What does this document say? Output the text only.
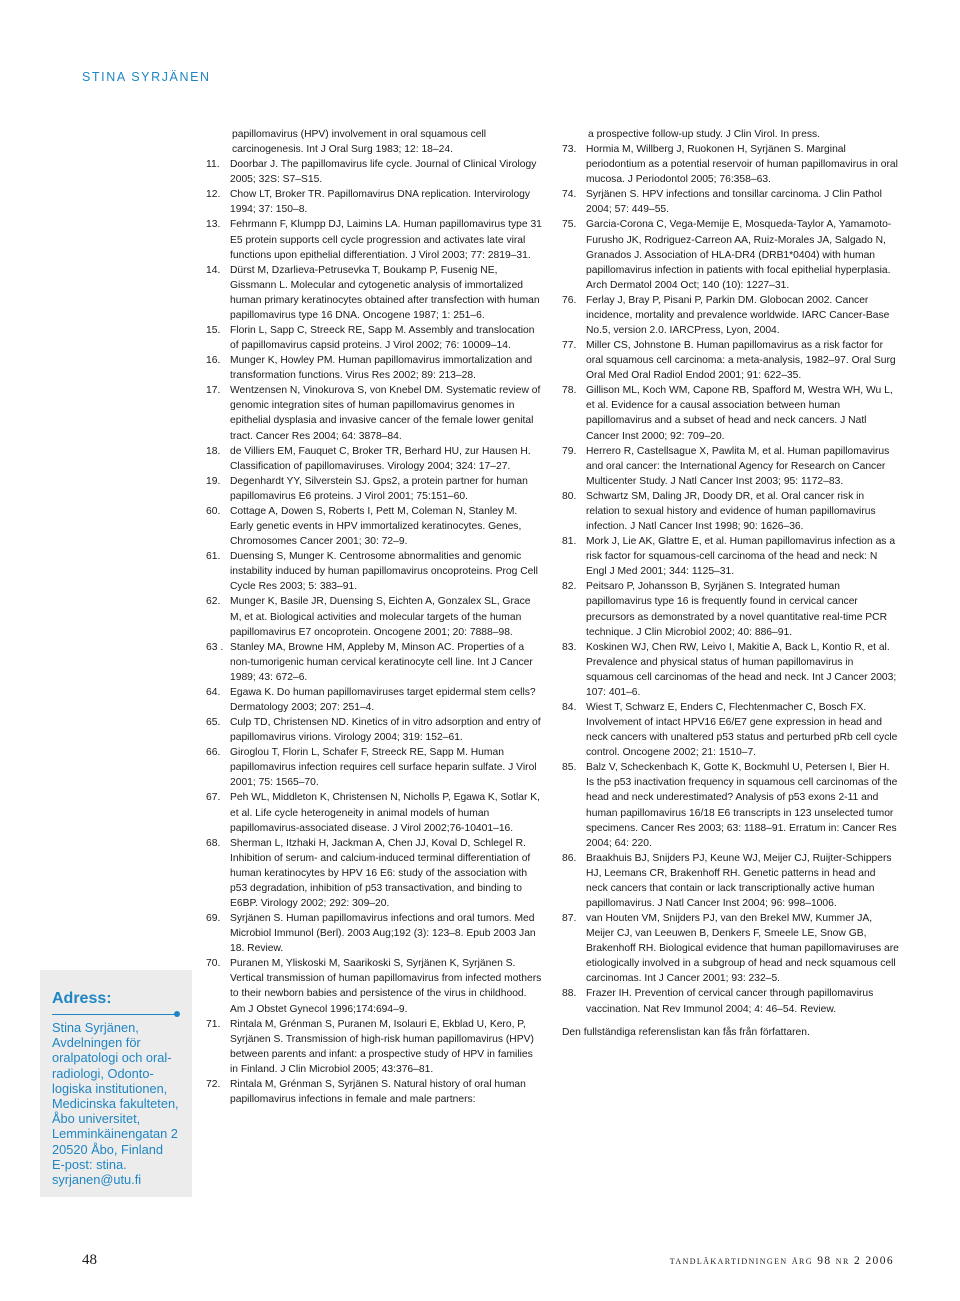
STINA SYRJÄNEN
Adress:
Stina Syrjänen,
Avdelningen för
oralpatologi och oral-
radiologi, Odonto-
logiska institutionen,
Medicinska fakulteten,
Åbo universitet,
Lemminkäinengatan 2
20520 Åbo, Finland
E-post: stina.
syrjanen@utu.fi
papillomavirus (HPV) involvement in oral squamous cell carcinogenesis. Int J Oral Surg 1983; 12: 18–24.
11. Doorbar J. The papillomavirus life cycle. Journal of Clinical Virology 2005; 32S: S7–S15.
12. Chow LT, Broker TR. Papillomavirus DNA replication. Intervirology 1994; 37: 150–8.
13. Fehrmann F, Klumpp DJ, Laimins LA. Human papillomavirus type 31 E5 protein supports cell cycle progression and activates late viral functions upon epithelial differentiation. J Virol 2003; 77: 2819–31.
14. Dürst M, Dzarlieva-Petrusevka T, Boukamp P, Fusenig NE, Gissmann L. Molecular and cytogenetic analysis of immortalized human primary keratinocytes obtained after transfection with human papillomavirus type 16 DNA. Oncogene 1987; 1: 251–6.
15. Florin L, Sapp C, Streeck RE, Sapp M. Assembly and translocation of papillomavirus capsid proteins. J Virol 2002; 76: 10009–14.
16. Munger K, Howley PM. Human papillomavirus immortalization and transformation functions. Virus Res 2002; 89: 213–28.
17. Wentzensen N, Vinokurova S, von Knebel DM. Systematic review of genomic integration sites of human papillomavirus genomes in epithelial dysplasia and invasive cancer of the female lower genital tract. Cancer Res 2004; 64: 3878–84.
18. de Villiers EM, Fauquet C, Broker TR, Berhard HU, zur Hausen H. Classification of papillomaviruses. Virology 2004; 324: 17–27.
19. Degenhardt YY, Silverstein SJ. Gps2, a protein partner for human papillomavirus E6 proteins. J Virol 2001; 75:151–60.
60. Cottage A, Dowen S, Roberts I, Pett M, Coleman N, Stanley M. Early genetic events in HPV immortalized keratinocytes. Genes, Chromosomes Cancer 2001; 30: 72–9.
61. Duensing S, Munger K. Centrosome abnormalities and genomic instability induced by human papillomavirus oncoproteins. Prog Cell Cycle Res 2003; 5: 383–91.
62. Munger K, Basile JR, Duensing S, Eichten A, Gonzalex SL, Grace M, et at. Biological activities and molecular targets of the human papillomavirus E7 oncoprotein. Oncogene 2001; 20: 7888–98.
63 . Stanley MA, Browne HM, Appleby M, Minson AC. Properties of a non-tumorigenic human cervical keratinocyte cell line. Int J Cancer 1989; 43: 672–6.
64. Egawa K. Do human papillomaviruses target epidermal stem cells? Dermatology 2003; 207: 251–4.
65. Culp TD, Christensen ND. Kinetics of in vitro adsorption and entry of papillomavirus virions. Virology 2004; 319: 152–61.
66. Giroglou T, Florin L, Schafer F, Streeck RE, Sapp M. Human papillomavirus infection requires cell surface heparin sulfate. J Virol 2001; 75: 1565–70.
67. Peh WL, Middleton K, Christensen N, Nicholls P, Egawa K, Sotlar K, et al. Life cycle heterogeneity in animal models of human papillomavirus-associated disease. J Virol 2002;76-10401–16.
68. Sherman L, Itzhaki H, Jackman A, Chen JJ, Koval D, Schlegel R. Inhibition of serum- and calcium-induced terminal differentiation of human keratinocytes by HPV 16 E6: study of the association with p53 degradation, inhibition of p53 transactivation, and binding to E6BP. Virology 2002; 292: 309–20.
69. Syrjänen S. Human papillomavirus infections and oral tumors. Med Microbiol Immunol (Berl). 2003 Aug;192 (3): 123–8. Epub 2003 Jan 18. Review.
70. Puranen M, Yliskoski M, Saarikoski S, Syrjänen K, Syrjänen S. Vertical transmission of human papillomavirus from infected mothers to their newborn babies and persistence of the virus in childhood. Am J Obstet Gynecol 1996;174:694–9.
71. Rintala M, Grénman S, Puranen M, Isolauri E, Ekblad U, Kero, P, Syrjänen S. Transmission of high-risk human papillomavirus (HPV) between parents and infant: a prospective study of HPV in families in Finland. J Clin Microbiol 2005; 43:376–81.
72. Rintala M, Grénman S, Syrjänen S. Natural history of oral human papillomavirus infections in female and male partners:
a prospective follow-up study. J Clin Virol. In press.
73. Hormia M, Willberg J, Ruokonen H, Syrjänen S. Marginal periodontium as a potential reservoir of human papillomavirus in oral mucosa. J Periodontol 2005; 76:358–63.
74. Syrjänen S. HPV infections and tonsillar carcinoma. J Clin Pathol 2004; 57: 449–55.
75. Garcia-Corona C, Vega-Memije E, Mosqueda-Taylor A, Yamamoto-Furusho JK, Rodriguez-Carreon AA, Ruiz-Morales JA, Salgado N, Granados J. Association of HLA-DR4 (DRB1*0404) with human papillomavirus infection in patients with focal epithelial hyperplasia. Arch Dermatol 2004 Oct; 140 (10): 1227–31.
76. Ferlay J, Bray P, Pisani P, Parkin DM. Globocan 2002. Cancer incidence, mortality and prevalence worldwide. IARC Cancer-Base No.5, version 2.0. IARCPress, Lyon, 2004.
77. Miller CS, Johnstone B. Human papillomavirus as a risk factor for oral squamous cell carcinoma: a meta-analysis, 1982–97. Oral Surg Oral Med Oral Radiol Endod 2001; 91: 622–35.
78. Gillison ML, Koch WM, Capone RB, Spafford M, Westra WH, Wu L, et al. Evidence for a causal association between human papillomavirus and a subset of head and neck cancers. J Natl Cancer Inst 2000; 92: 709–20.
79. Herrero R, Castellsague X, Pawlita M, et al. Human papillomavirus and oral cancer: the International Agency for Research on Cancer Multicenter Study. J Natl Cancer Inst 2003; 95: 1172–83.
80. Schwartz SM, Daling JR, Doody DR, et al. Oral cancer risk in relation to sexual history and evidence of human papillomavirus infection. J Natl Cancer Inst 1998; 90: 1626–36.
81. Mork J, Lie AK, Glattre E, et al. Human papillomavirus infection as a risk factor for squamous-cell carcinoma of the head and neck: N Engl J Med 2001; 344: 1125–31.
82. Peitsaro P, Johansson B, Syrjänen S. Integrated human papillomavirus type 16 is frequently found in cervical cancer precursors as demonstrated by a novel quantitative real-time PCR technique. J Clin Microbiol 2002; 40: 886–91.
83. Koskinen WJ, Chen RW, Leivo I, Makitie A, Back L, Kontio R, et al. Prevalence and physical status of human papillomavirus in squamous cell carcinomas of the head and neck. Int J Cancer 2003; 107: 401–6.
84. Wiest T, Schwarz E, Enders C, Flechtenmacher C, Bosch FX. Involvement of intact HPV16 E6/E7 gene expression in head and neck cancers with unaltered p53 status and perturbed pRb cell cycle control. Oncogene 2002; 21: 1510–7.
85. Balz V, Scheckenbach K, Gotte K, Bockmuhl U, Petersen I, Bier H. Is the p53 inactivation frequency in squamous cell carcinomas of the head and neck underestimated? Analysis of p53 exons 2-11 and human papillomavirus 16/18 E6 transcripts in 123 unselected tumor specimens. Cancer Res 2003; 63: 1188–91. Erratum in: Cancer Res 2004; 64: 220.
86. Braakhuis BJ, Snijders PJ, Keune WJ, Meijer CJ, Ruijter-Schippers HJ, Leemans CR, Brakenhoff RH. Genetic patterns in head and neck cancers that contain or lack transcriptionally active human papillomavirus. J Natl Cancer Inst 2004; 96: 998–1006.
87. van Houten VM, Snijders PJ, van den Brekel MW, Kummer JA, Meijer CJ, van Leeuwen B, Denkers F, Smeele LE, Snow GB, Brakenhoff RH. Biological evidence that human papillomaviruses are etiologically involved in a subgroup of head and neck squamous cell carcinomas. Int J Cancer 2001; 93: 232–5.
88. Frazer IH. Prevention of cervical cancer through papillomavirus vaccination. Nat Rev Immunol 2004; 4: 46–54. Review.
Den fullständiga referenslistan kan fås från författaren.
48	tandläkartidningen årg 98 nr 2 2006
